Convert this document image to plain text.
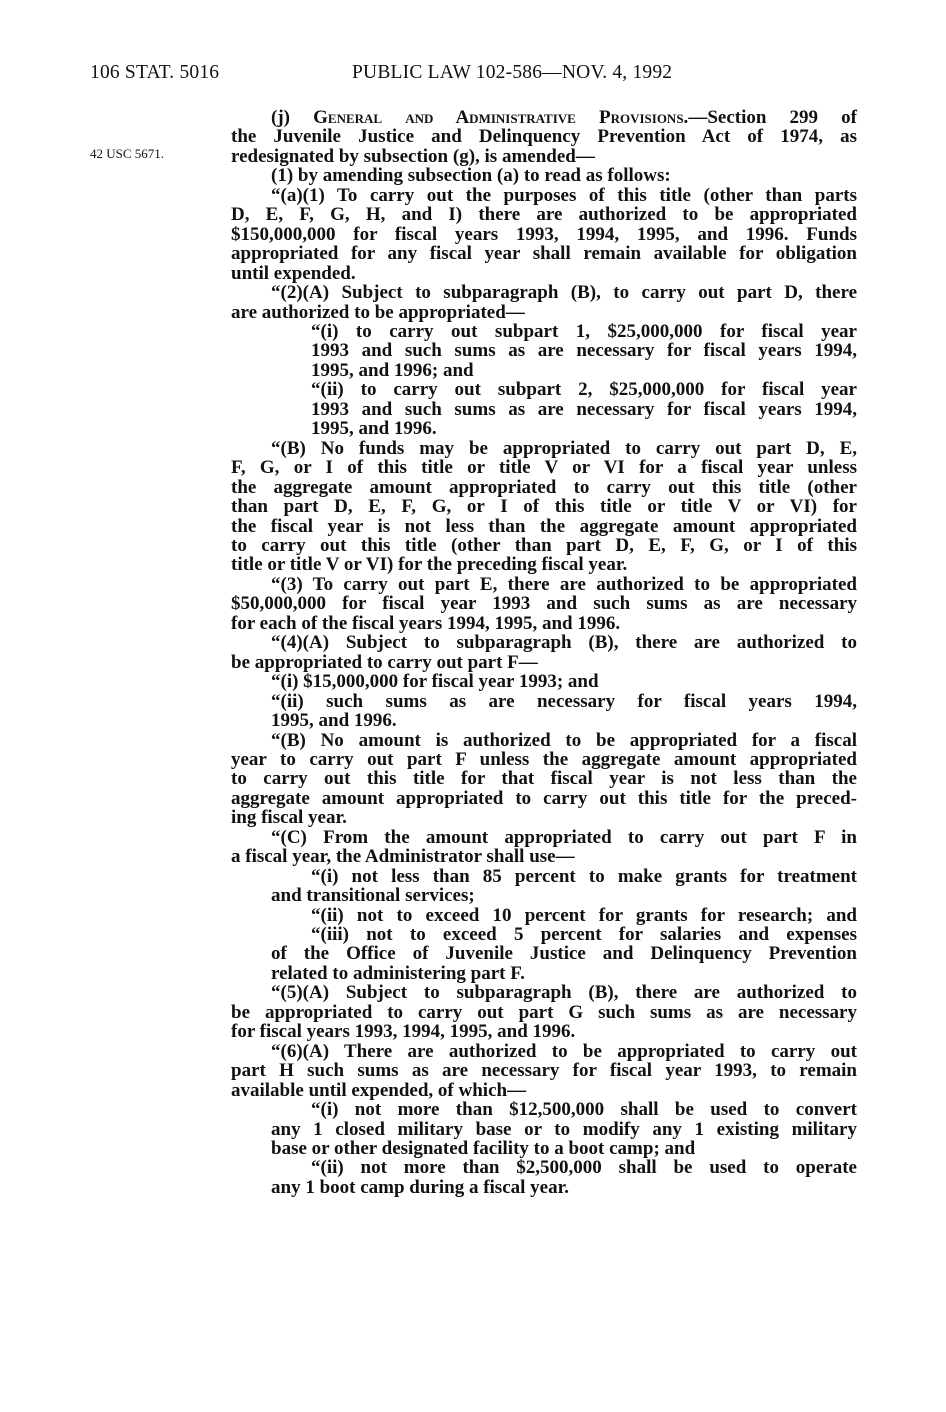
106 STAT. 5016	PUBLIC LAW 102-586—NOV. 4, 1992
42 USC 5671.

(j) General and Administrative Provisions.—Section 299 of

the Juvenile Justice and Delinquency Prevention Act of 1974, as

redesignated by subsection (g), is amended—

(1) by amending subsection (a) to read as follows:

“(a)(1) To carry out the purposes of this title (other than parts

D, E, F, G, H, and I) there are authorized to be appropriated

$150,000,000 for fiscal years 1993, 1994, 1995, and 1996. Funds

appropriated for any fiscal year shall remain available for obligation

until expended.

“(2)(A) Subject to subparagraph (B), to carry out part D, there

are authorized to be appropriated—

“(i) to carry out subpart 1, $25,000,000 for fiscal year

1993 and such sums as are necessary for fiscal years 1994,

1995, and 1996; and

“(ii) to carry out subpart 2, $25,000,000 for fiscal year

1993 and such sums as are necessary for fiscal years 1994,

1995, and 1996.

“(B) No funds may be appropriated to carry out part D, E,

F, G, or I of this title or title V or VI for a fiscal year unless

the aggregate amount appropriated to carry out this title (other

than part D, E, F, G, or I of this title or title V or VI) for

the fiscal year is not less than the aggregate amount appropriated

to carry out this title (other than part D, E, F, G, or I of this

title or title V or VI) for the preceding fiscal year.

“(3) To carry out part E, there are authorized to be appropriated

$50,000,000 for fiscal year 1993 and such sums as are necessary

for each of the fiscal years 1994, 1995, and 1996.

“(4)(A) Subject to subparagraph (B), there are authorized to

be appropriated to carry out part F—

“(i) $15,000,000 for fiscal year 1993; and

“(ii) such sums as are necessary for fiscal years 1994,

1995, and 1996.

“(B) No amount is authorized to be appropriated for a fiscal

year to carry out part F unless the aggregate amount appropriated

to carry out this title for that fiscal year is not less than the

aggregate amount appropriated to carry out this title for the preced-

ing fiscal year.

“(C) From the amount appropriated to carry out part F in

a fiscal year, the Administrator shall use—

“(i) not less than 85 percent to make grants for treatment

and transitional services;

“(ii) not to exceed 10 percent for grants for research; and

“(iii) not to exceed 5 percent for salaries and expenses

of the Office of Juvenile Justice and Delinquency Prevention

related to administering part F.

“(5)(A) Subject to subparagraph (B), there are authorized to

be appropriated to carry out part G such sums as are necessary

for fiscal years 1993, 1994, 1995, and 1996.

“(6)(A) There are authorized to be appropriated to carry out

part H such sums as are necessary for fiscal year 1993, to remain

available until expended, of which—

“(i) not more than $12,500,000 shall be used to convert

any 1 closed military base or to modify any 1 existing military

base or other designated facility to a boot camp; and

“(ii) not more than $2,500,000 shall be used to operate

any 1 boot camp during a fiscal year.
